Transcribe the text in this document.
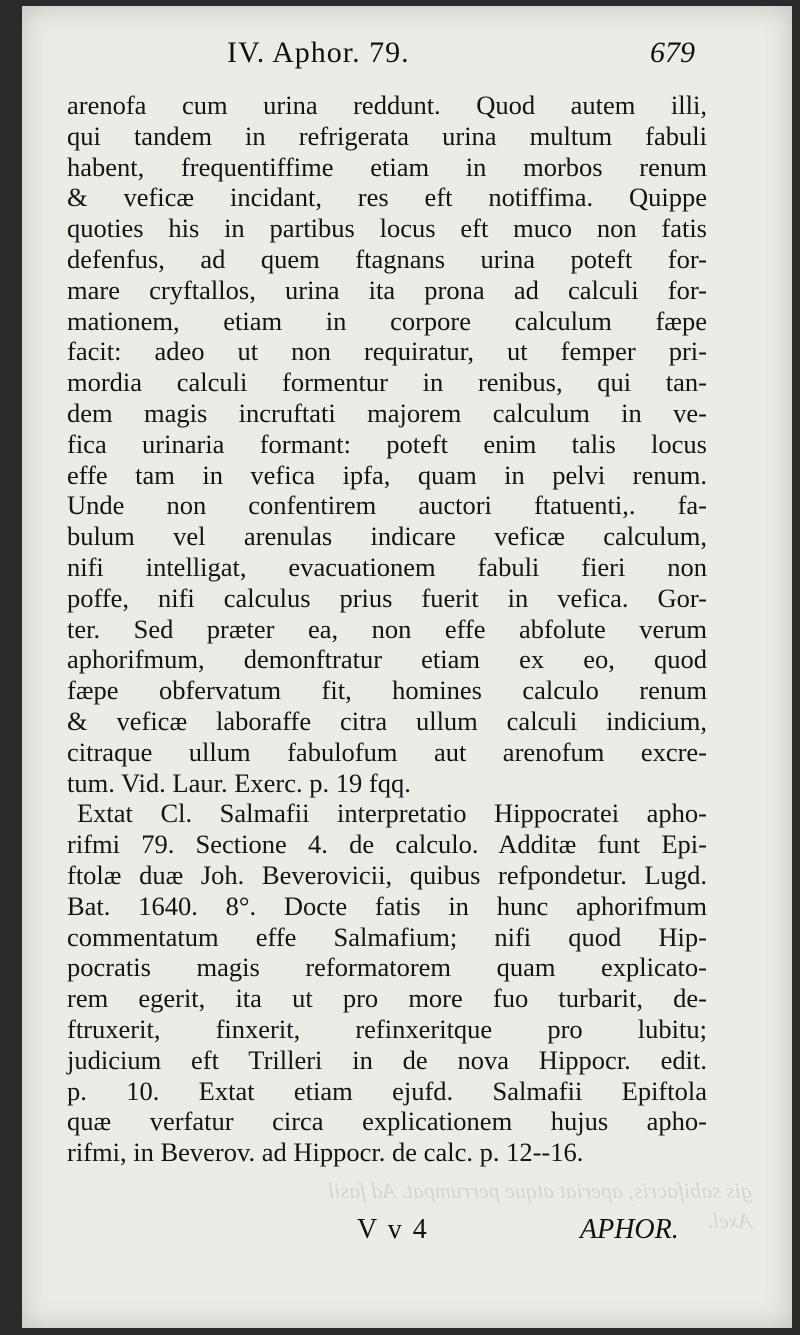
gis sabifacris, aperiat atque perrumpat. Ad fasil
Axel.
IV. Aphor. 79.	679
arenofa cum urina reddunt. Quod autem illi,
qui tandem in refrigerata urina multum fabuli
habent, frequentiffime etiam in morbos renum
& veficæ incidant, res eft notiffima. Quippe
quoties his in partibus locus eft muco non fatis
defenfus, ad quem ftagnans urina poteft for-
mare cryftallos, urina ita prona ad calculi for-
mationem, etiam in corpore calculum fæpe
facit: adeo ut non requiratur, ut femper pri-
mordia calculi formentur in renibus, qui tan-
dem magis incruftati majorem calculum in ve-
fica urinaria formant: poteft enim talis locus
effe tam in vefica ipfa, quam in pelvi renum.
Unde non confentirem auctori ftatuenti,. fa-
bulum vel arenulas indicare veficæ calculum,
nifi intelligat, evacuationem fabuli fieri non
poffe, nifi calculus prius fuerit in vefica. Gor-
ter. Sed præter ea, non effe abfolute verum
aphorifmum, demonftratur etiam ex eo, quod
fæpe obfervatum fit, homines calculo renum
& veficæ laboraffe citra ullum calculi indicium,
citraque ullum fabulofum aut arenofum excre-
tum. Vid. Laur. Exerc. p. 19 fqq.
Extat Cl. Salmafii interpretatio Hippocratei apho-
rifmi 79. Sectione 4. de calculo. Additæ funt Epi-
ftolæ duæ Joh. Beverovicii, quibus refpondetur. Lugd.
Bat. 1640. 8°. Docte fatis in hunc aphorifmum
commentatum effe Salmafium; nifi quod Hip-
pocratis magis reformatorem quam explicato-
rem egerit, ita ut pro more fuo turbarit, de-
ftruxerit, finxerit, refinxeritque pro lubitu;
judicium eft Trilleri in de nova Hippocr. edit.
p. 10. Extat etiam ejufd. Salmafii Epiftola
quæ verfatur circa explicationem hujus apho-
rifmi, in Beverov. ad Hippocr. de calc. p. 12--16.
V v 4	APHOR.
